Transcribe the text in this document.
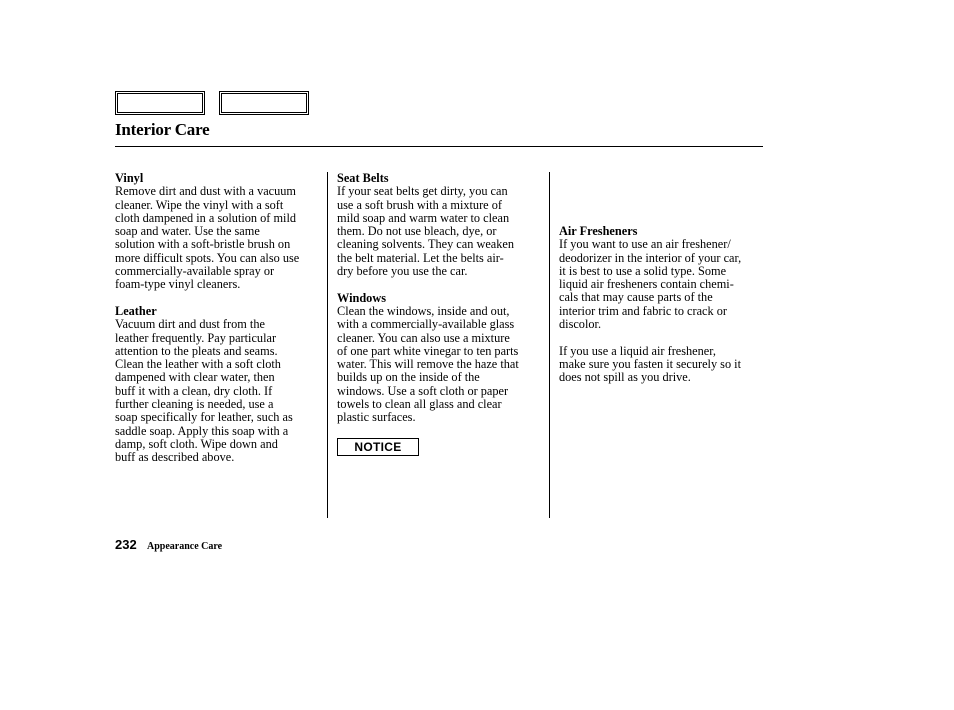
Interior Care

Vinyl

Remove dirt and dust with a vacuum
cleaner. Wipe the vinyl with a soft
cloth dampened in a solution of mild
soap and water. Use the same
solution with a soft-bristle brush on
more difficult spots. You can also use
commercially-available spray or
foam-type vinyl cleaners.

Leather

Vacuum dirt and dust from the
leather frequently. Pay particular
attention to the pleats and seams.
Clean the leather with a soft cloth
dampened with clear water, then
buff it with a clean, dry cloth. If
further cleaning is needed, use a
soap specifically for leather, such as
saddle soap. Apply this soap with a
damp, soft cloth. Wipe down and
buff as described above.

Seat Belts

If your seat belts get dirty, you can
use a soft brush with a mixture of
mild soap and warm water to clean
them. Do not use bleach, dye, or
cleaning solvents. They can weaken
the belt material. Let the belts air-
dry before you use the car.

Windows

Clean the windows, inside and out,
with a commercially-available glass
cleaner. You can also use a mixture
of one part white vinegar to ten parts
water. This will remove the haze that
builds up on the inside of the
windows. Use a soft cloth or paper
towels to clean all glass and clear
plastic surfaces.

NOTICE

Air Fresheners

If you want to use an air freshener/
deodorizer in the interior of your car,
it is best to use a solid type. Some
liquid air fresheners contain chemi-
cals that may cause parts of the
interior trim and fabric to crack or
discolor.

If you use a liquid air freshener,
make sure you fasten it securely so it
does not spill as you drive.

232 Appearance Care
